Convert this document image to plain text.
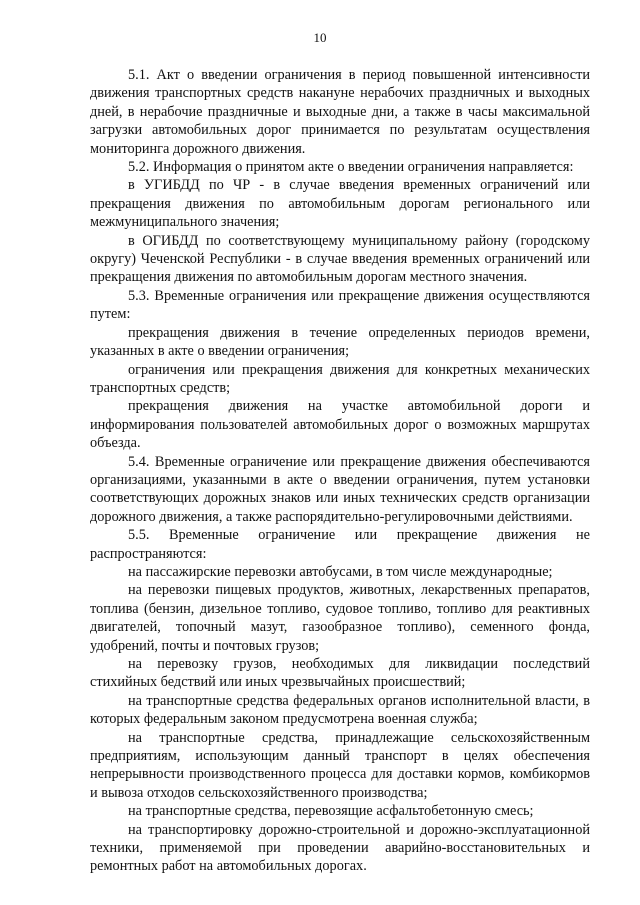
10

5.1. Акт о введении ограничения в период повышенной интенсивности движения транспортных средств накануне нерабочих праздничных и выходных дней, в нерабочие праздничные и выходные дни, а также в часы максимальной загрузки автомобильных дорог принимается по результатам осуществления мониторинга дорожного движения.

5.2. Информация о принятом акте о введении ограничения направляется:

в УГИБДД по ЧР - в случае введения временных ограничений или прекращения движения по автомобильным дорогам регионального или межмуниципального значения;

в ОГИБДД по соответствующему муниципальному району (городскому округу) Чеченской Республики - в случае введения временных ограничений или прекращения движения по автомобильным дорогам местного значения.

5.3. Временные ограничения или прекращение движения осуществляются путем:

прекращения движения в течение определенных периодов времени, указанных в акте о введении ограничения;

ограничения или прекращения движения для конкретных механических транспортных средств;

прекращения движения на участке автомобильной дороги и информирования пользователей автомобильных дорог о возможных маршрутах объезда.

5.4. Временные ограничение или прекращение движения обеспечиваются организациями, указанными в акте о введении ограничения, путем установки соответствующих дорожных знаков или иных технических средств организации дорожного движения, а также распорядительно-регулировочными действиями.

5.5. Временные ограничение или прекращение движения не распространяются:

на пассажирские перевозки автобусами, в том числе международные;

на перевозки пищевых продуктов, животных, лекарственных препаратов, топлива (бензин, дизельное топливо, судовое топливо, топливо для реактивных двигателей, топочный мазут, газообразное топливо), семенного фонда, удобрений, почты и почтовых грузов;

на перевозку грузов, необходимых для ликвидации последствий стихийных бедствий или иных чрезвычайных происшествий;

на транспортные средства федеральных органов исполнительной власти, в которых федеральным законом предусмотрена военная служба;

на транспортные средства, принадлежащие сельскохозяйственным предприятиям, использующим данный транспорт в целях обеспечения непрерывности производственного процесса для доставки кормов, комбикормов и вывоза отходов сельскохозяйственного производства;

на транспортные средства, перевозящие асфальтобетонную смесь;

на транспортировку дорожно-строительной и дорожно-эксплуатационной техники, применяемой при проведении аварийно-восстановительных и ремонтных работ на автомобильных дорогах.
